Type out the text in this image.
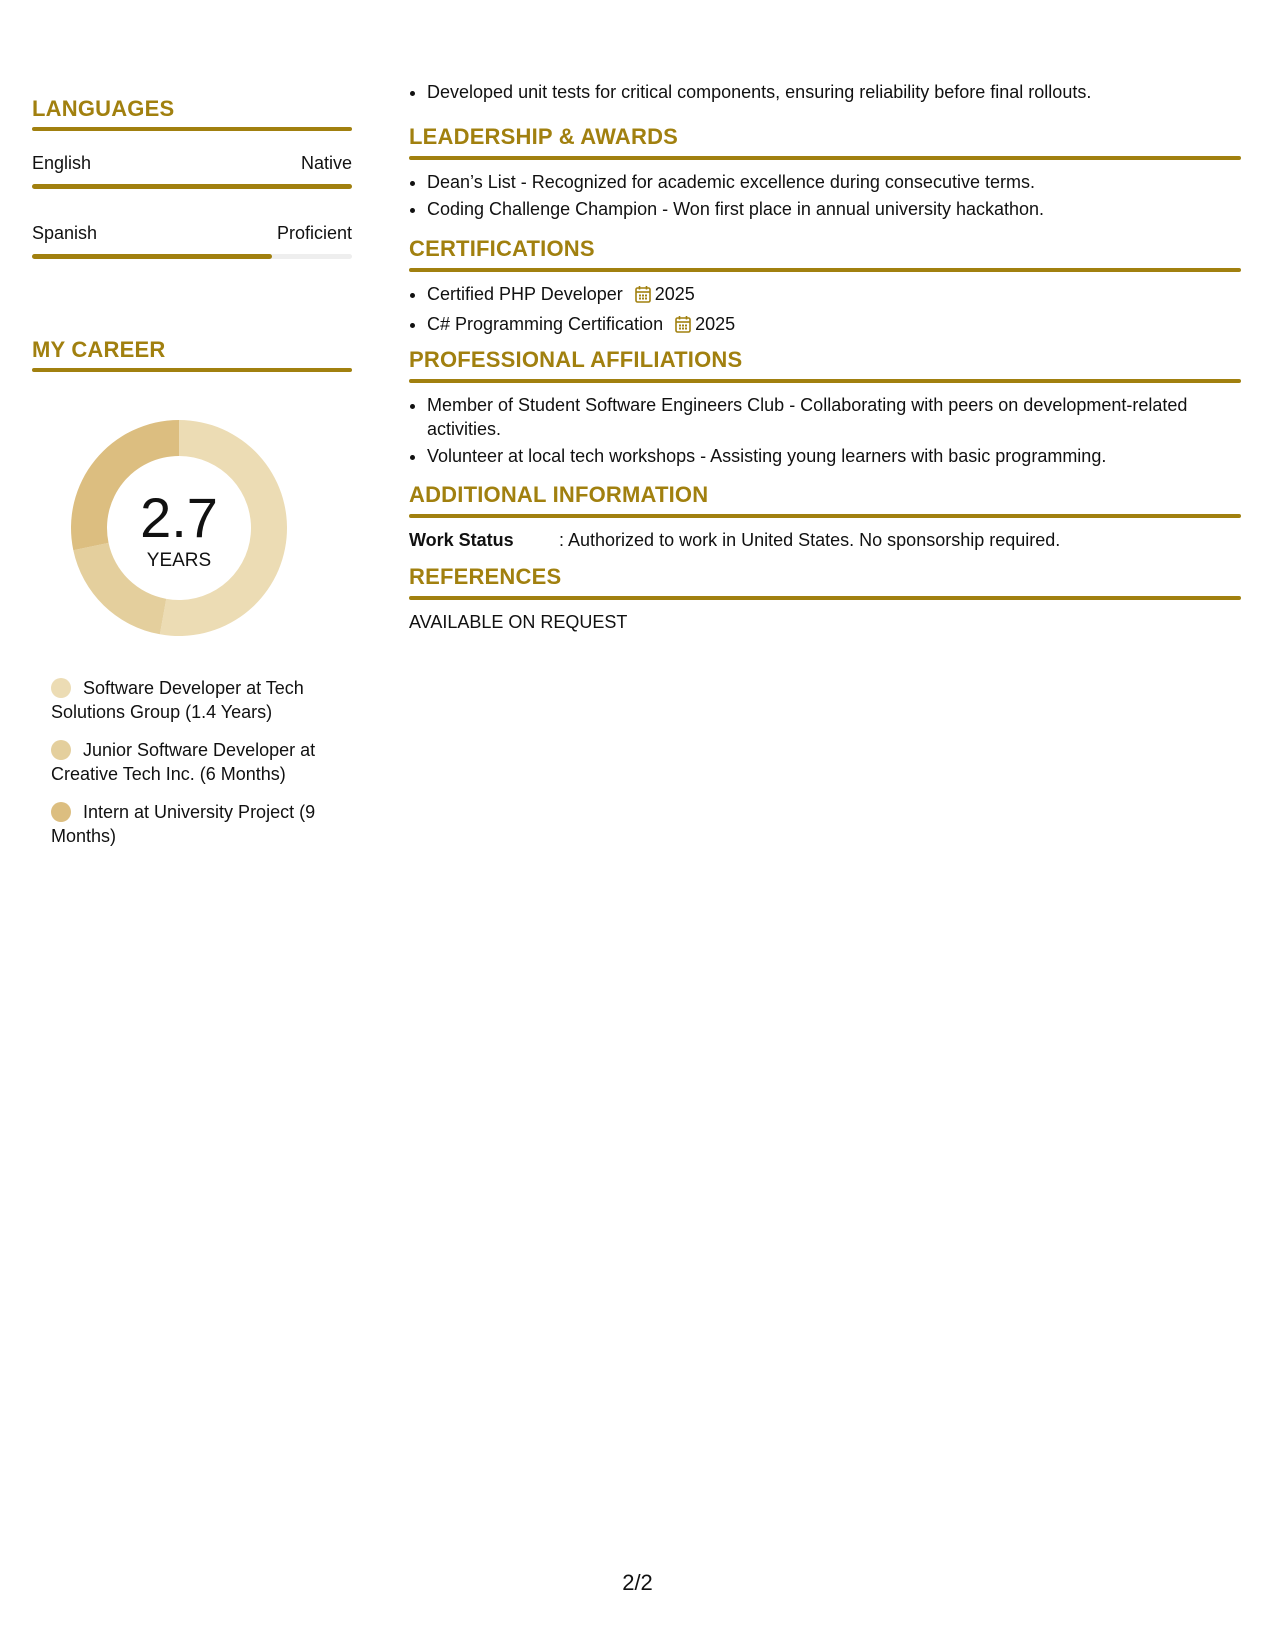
LANGUAGES
English	Native
Spanish	Proficient
MY CAREER
2.7
YEARS
Software Developer at Tech Solutions Group (1.4 Years)
Junior Software Developer at Creative Tech Inc. (6 Months)
Intern at University Project (9 Months)
• Developed unit tests for critical components, ensuring reliability before final rollouts.
LEADERSHIP & AWARDS
• Dean’s List - Recognized for academic excellence during consecutive terms.
• Coding Challenge Champion - Won first place in annual university hackathon.
CERTIFICATIONS
• Certified PHP Developer 2025
• C# Programming Certification 2025
PROFESSIONAL AFFILIATIONS
• Member of Student Software Engineers Club - Collaborating with peers on development-related activities.
• Volunteer at local tech workshops - Assisting young learners with basic programming.
ADDITIONAL INFORMATION
Work Status	: Authorized to work in United States. No sponsorship required.
REFERENCES
AVAILABLE ON REQUEST
2/2
